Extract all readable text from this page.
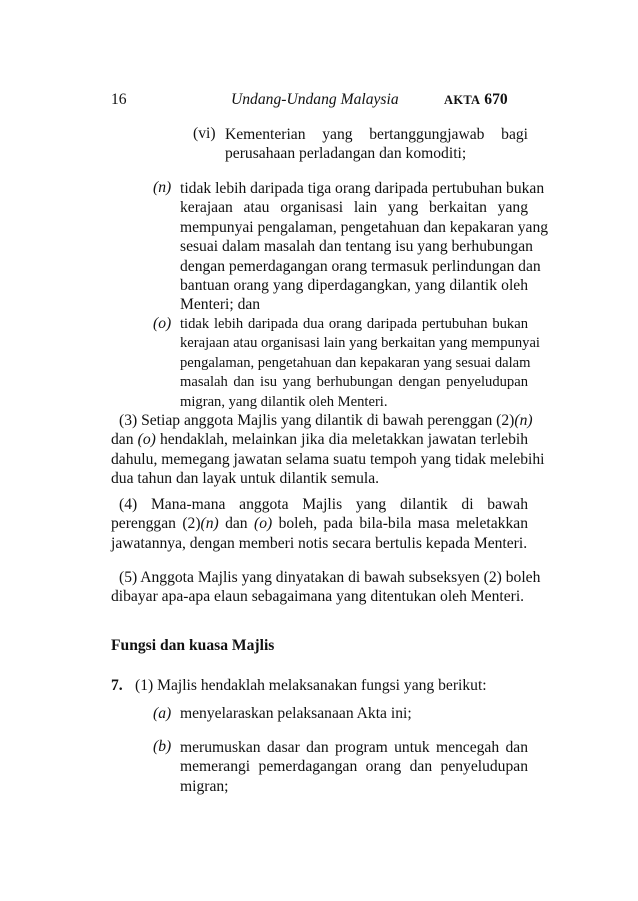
16	Undang-Undang Malaysia	AKTA 670
(vi) Kementerian yang bertanggungjawab bagi
perusahaan perladangan dan komoditi;
(n) tidak lebih daripada tiga orang daripada pertubuhan bukan
kerajaan atau organisasi lain yang berkaitan yang
mempunyai pengalaman, pengetahuan dan kepakaran yang
sesuai dalam masalah dan tentang isu yang berhubungan
dengan pemerdagangan orang termasuk perlindungan dan
bantuan orang yang diperdagangkan, yang dilantik oleh
Menteri; dan
(o) tidak lebih daripada dua orang daripada pertubuhan bukan
kerajaan atau organisasi lain yang berkaitan yang mempunyai
pengalaman, pengetahuan dan kepakaran yang sesuai dalam
masalah dan isu yang berhubungan dengan penyeludupan
migran, yang dilantik oleh Menteri.
(3) Setiap anggota Majlis yang dilantik di bawah perenggan (2)(n)
dan (o) hendaklah, melainkan jika dia meletakkan jawatan terlebih
dahulu, memegang jawatan selama suatu tempoh yang tidak melebihi
dua tahun dan layak untuk dilantik semula.
(4) Mana-mana anggota Majlis yang dilantik di bawah
perenggan (2)(n) dan (o) boleh, pada bila-bila masa meletakkan
jawatannya, dengan memberi notis secara bertulis kepada Menteri.
(5) Anggota Majlis yang dinyatakan di bawah subseksyen (2) boleh
dibayar apa-apa elaun sebagaimana yang ditentukan oleh Menteri.
Fungsi dan kuasa Majlis
7. (1) Majlis hendaklah melaksanakan fungsi yang berikut:
(a) menyelaraskan pelaksanaan Akta ini;
(b) merumuskan dasar dan program untuk mencegah dan
memerangi pemerdagangan orang dan penyeludupan
migran;
